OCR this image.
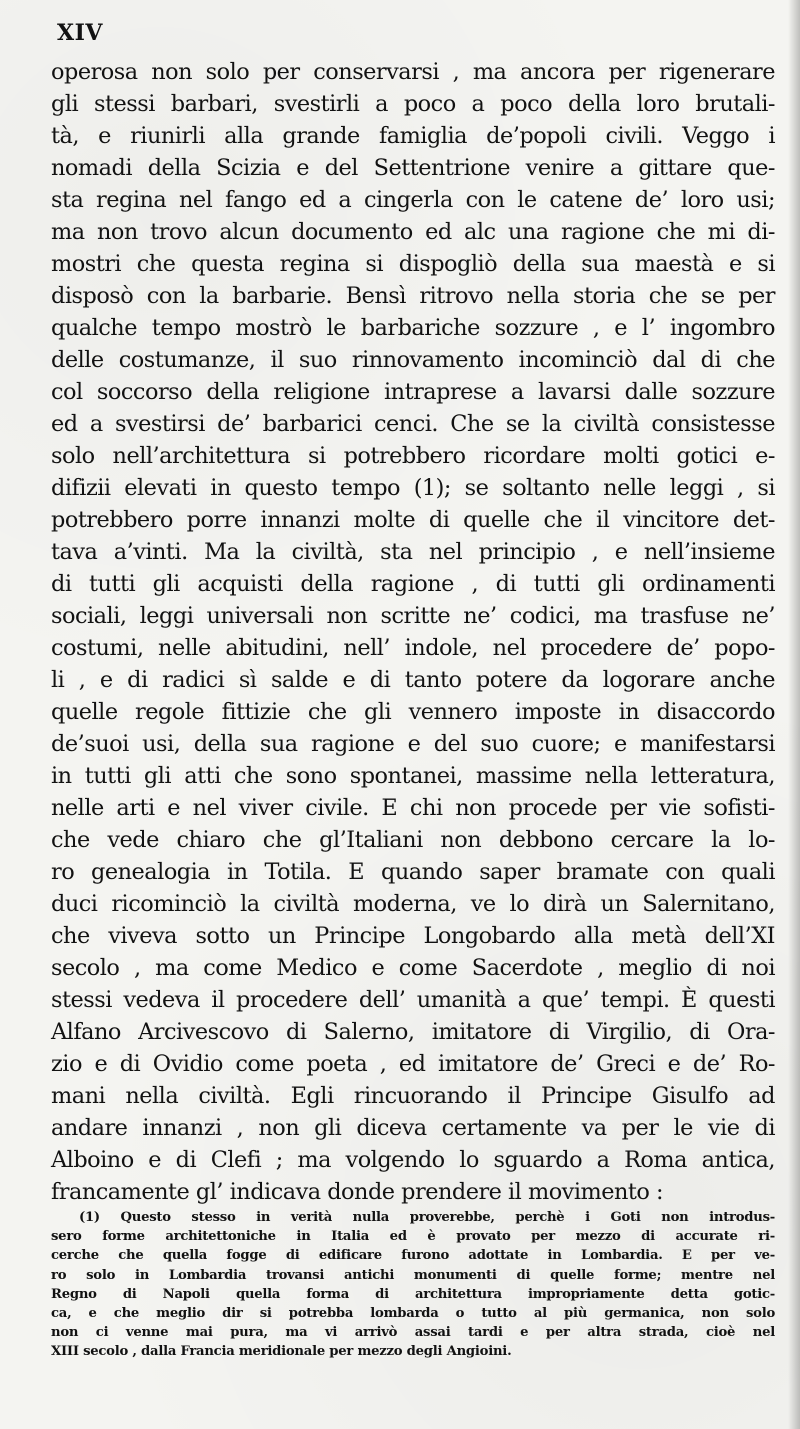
XIV
operosa non solo per conservarsi , ma ancora per rigenerare
gli stessi barbari, svestirli a poco a poco della loro brutali-
tà, e riunirli alla grande famiglia de’popoli civili. Veggo i
nomadi della Scizia e del Settentrione venire a gittare que-
sta regina nel fango ed a cingerla con le catene de’ loro usi;
ma non trovo alcun documento ed alc una ragione che mi di-
mostri che questa regina si dispogliò della sua maestà e si
disposò con la barbarie. Bensì ritrovo nella storia che se per
qualche tempo mostrò le barbariche sozzure , e l’ ingombro
delle costumanze, il suo rinnovamento incominciò dal di che
col soccorso della religione intraprese a lavarsi dalle sozzure
ed a svestirsi de’ barbarici cenci. Che se la civiltà consistesse
solo nell’architettura si potrebbero ricordare molti gotici e-
difizii elevati in questo tempo (1); se soltanto nelle leggi , si
potrebbero porre innanzi molte di quelle che il vincitore det-
tava a’vinti. Ma la civiltà, sta nel principio , e nell’insieme
di tutti gli acquisti della ragione , di tutti gli ordinamenti
sociali, leggi universali non scritte ne’ codici, ma trasfuse ne’
costumi, nelle abitudini, nell’ indole, nel procedere de’ popo-
li , e di radici sì salde e di tanto potere da logorare anche
quelle regole fittizie che gli vennero imposte in disaccordo
de’suoi usi, della sua ragione e del suo cuore; e manifestarsi
in tutti gli atti che sono spontanei, massime nella letteratura,
nelle arti e nel viver civile. E chi non procede per vie sofisti-
che vede chiaro che gl’Italiani non debbono cercare la lo-
ro genealogia in Totila. E quando saper bramate con quali
duci ricominciò la civiltà moderna, ve lo dirà un Salernitano,
che viveva sotto un Principe Longobardo alla metà dell’XI
secolo , ma come Medico e come Sacerdote , meglio di noi
stessi vedeva il procedere dell’ umanità a que’ tempi. È questi
Alfano Arcivescovo di Salerno, imitatore di Virgilio, di Ora-
zio e di Ovidio come poeta , ed imitatore de’ Greci e de’ Ro-
mani nella civiltà. Egli rincuorando il Principe Gisulfo ad
andare innanzi , non gli diceva certamente va per le vie di
Alboino e di Clefi ; ma volgendo lo sguardo a Roma antica,
francamente gl’ indicava donde prendere il movimento :
(1) Questo stesso in verità nulla proverebbe, perchè i Goti non introdus-
sero forme architettoniche in Italia ed è provato per mezzo di accurate ri-
cerche che quella fogge di edificare furono adottate in Lombardia. E per ve-
ro solo in Lombardia trovansi antichi monumenti di quelle forme; mentre nel
Regno di Napoli quella forma di architettura impropriamente detta gotic-
ca, e che meglio dir si potrebba lombarda o tutto al più germanica, non solo
non ci venne mai pura, ma vi arrivò assai tardi e per altra strada, cioè nel
XIII secolo , dalla Francia meridionale per mezzo degli Angioini.
